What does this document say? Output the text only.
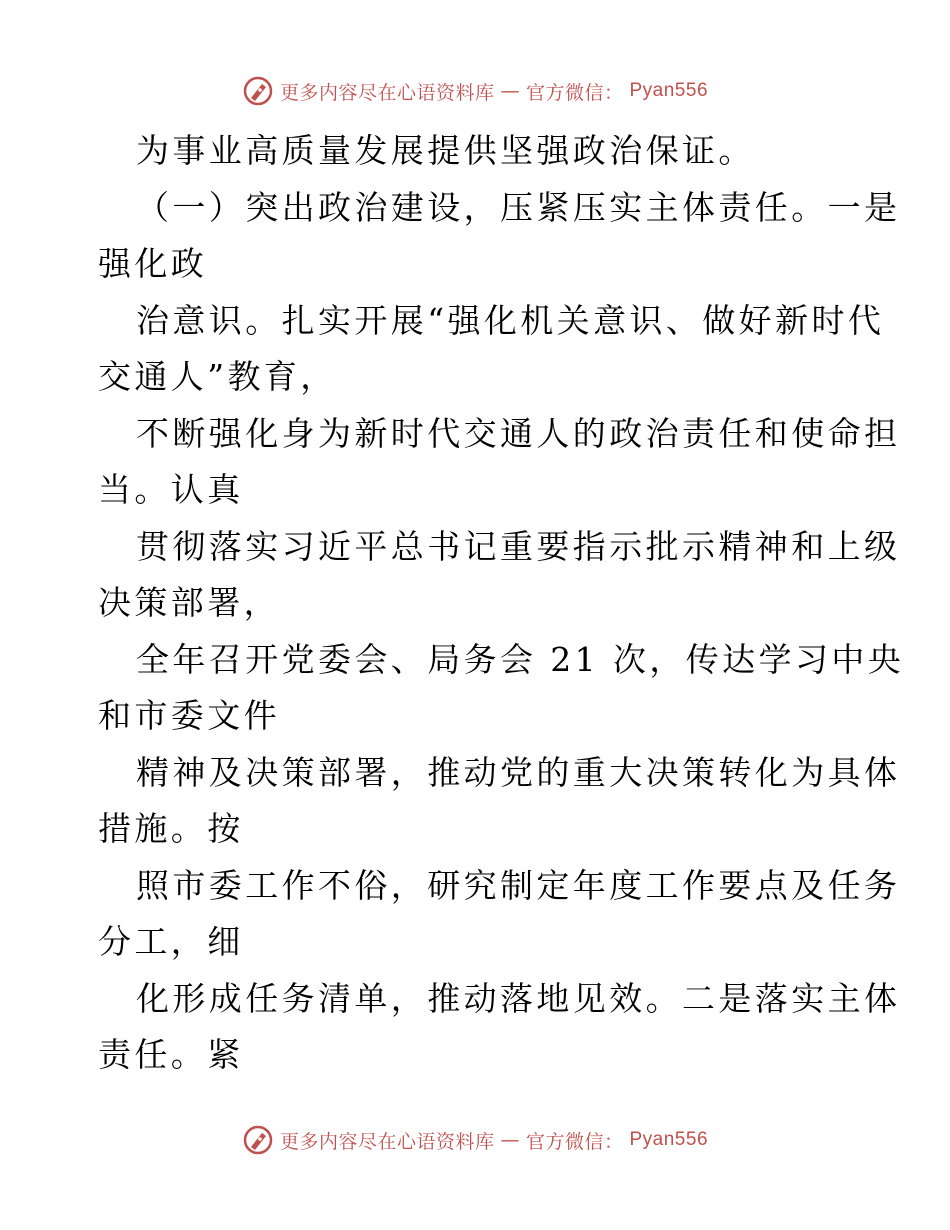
更多内容尽在心语资料库 — 官方微信： Pyan556
为事业高质量发展提供坚强政治保证。
（一）突出政治建设，压紧压实主体责任。一是
强化政
治意识。扎实开展“强化机关意识、做好新时代
交通人”教育，
不断强化身为新时代交通人的政治责任和使命担
当。认真
贯彻落实习近平总书记重要指示批示精神和上级
决策部署，
全年召开党委会、局务会 21 次，传达学习中央
和市委文件
精神及决策部署，推动党的重大决策转化为具体
措施。按
照市委工作不俗，研究制定年度工作要点及任务
分工，细
化形成任务清单，推动落地见效。二是落实主体
责任。紧
更多内容尽在心语资料库 — 官方微信： Pyan556
